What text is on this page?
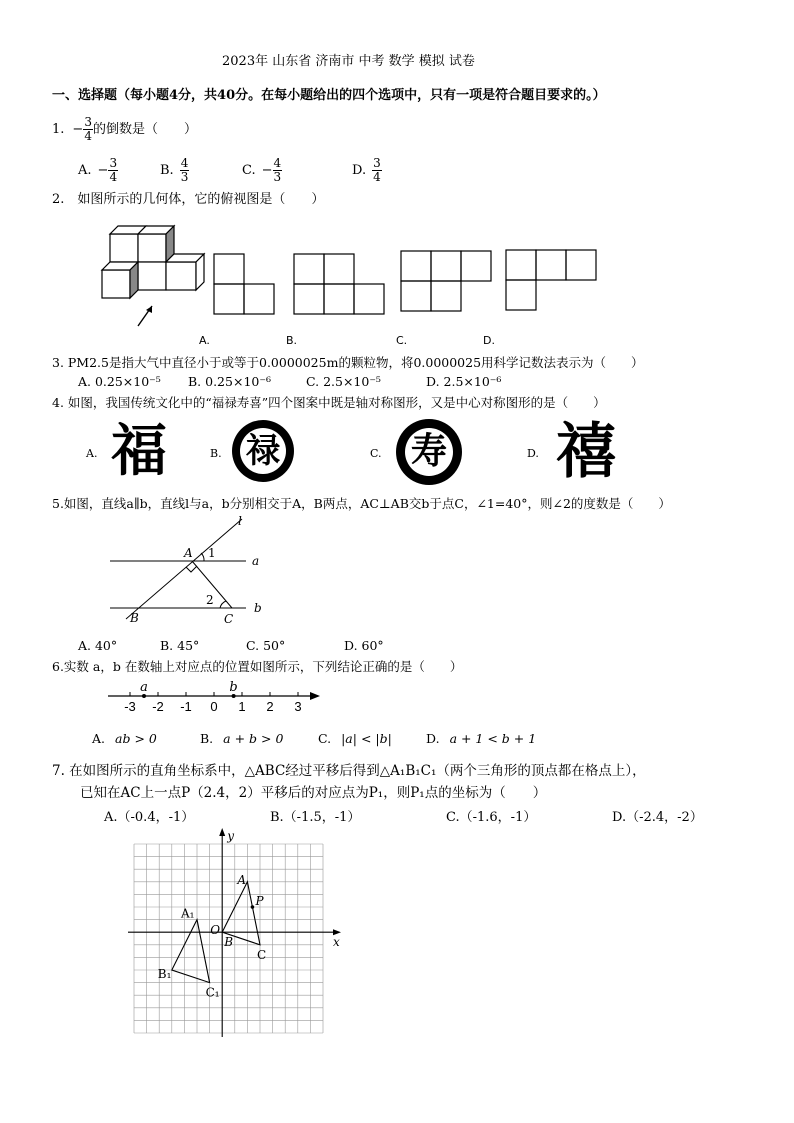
2023年 山东省 济南市 中考 数学 模拟 试卷
一、选择题（每小题4分，共40分。在每小题给出的四个选项中，只有一项是符合题目要求的。）
1. − $\frac{3}{4}$ 的倒数是（　　）
A. − $\frac{3}{4}$	B. $\frac{4}{3}$	C. − $\frac{4}{3}$	D. $\frac{3}{4}$
2.　如图所示的几何体，它的俯视图是（　　）
A.	B.	C.	D.
3. PM2.5是指大气中直径小于或等于0.0000025m的颗粒物，将0.0000025用科学记数法表示为（　　）
A. 0.25×10⁻⁵	B. 0.25×10⁻⁶	C. 2.5×10⁻⁵	D. 2.5×10⁻⁶
4. 如图，我国传统文化中的“福禄寿喜”四个图案中既是轴对称图形，又是中心对称图形的是（　　）
A.	B.	C.	D.
福	禄	寿 禧
5.如图，直线a∥b，直线l与a，b分别相交于A，B两点，AC⊥AB交b于点C，∠1=40°，则∠2的度数是（　　）
l
a
b
A
B	C
1
2
A. 40°	B. 45°	C. 50°	D. 60°
6.实数 a，b 在数轴上对应点的位置如图所示，下列结论正确的是（　　）
-3 -2 -1 0 1 2 3
a	b
A. ab > 0	B. a + b > 0	C. |a| < |b|	D. a + 1 < b + 1
7. 在如图所示的直角坐标系中，△ABC经过平移后得到△A₁B₁C₁（两个三角形的顶点都在格点上），
已知在AC上一点P（2.4，2）平移后的对应点为P₁，则P₁点的坐标为（　　）
A.（-0.4，-1）	B.（-1.5，-1）	C.（-1.6，-1）	D.（-2.4，-2）
x
y
O
B
A
C
P
A₁
B₁
C₁
